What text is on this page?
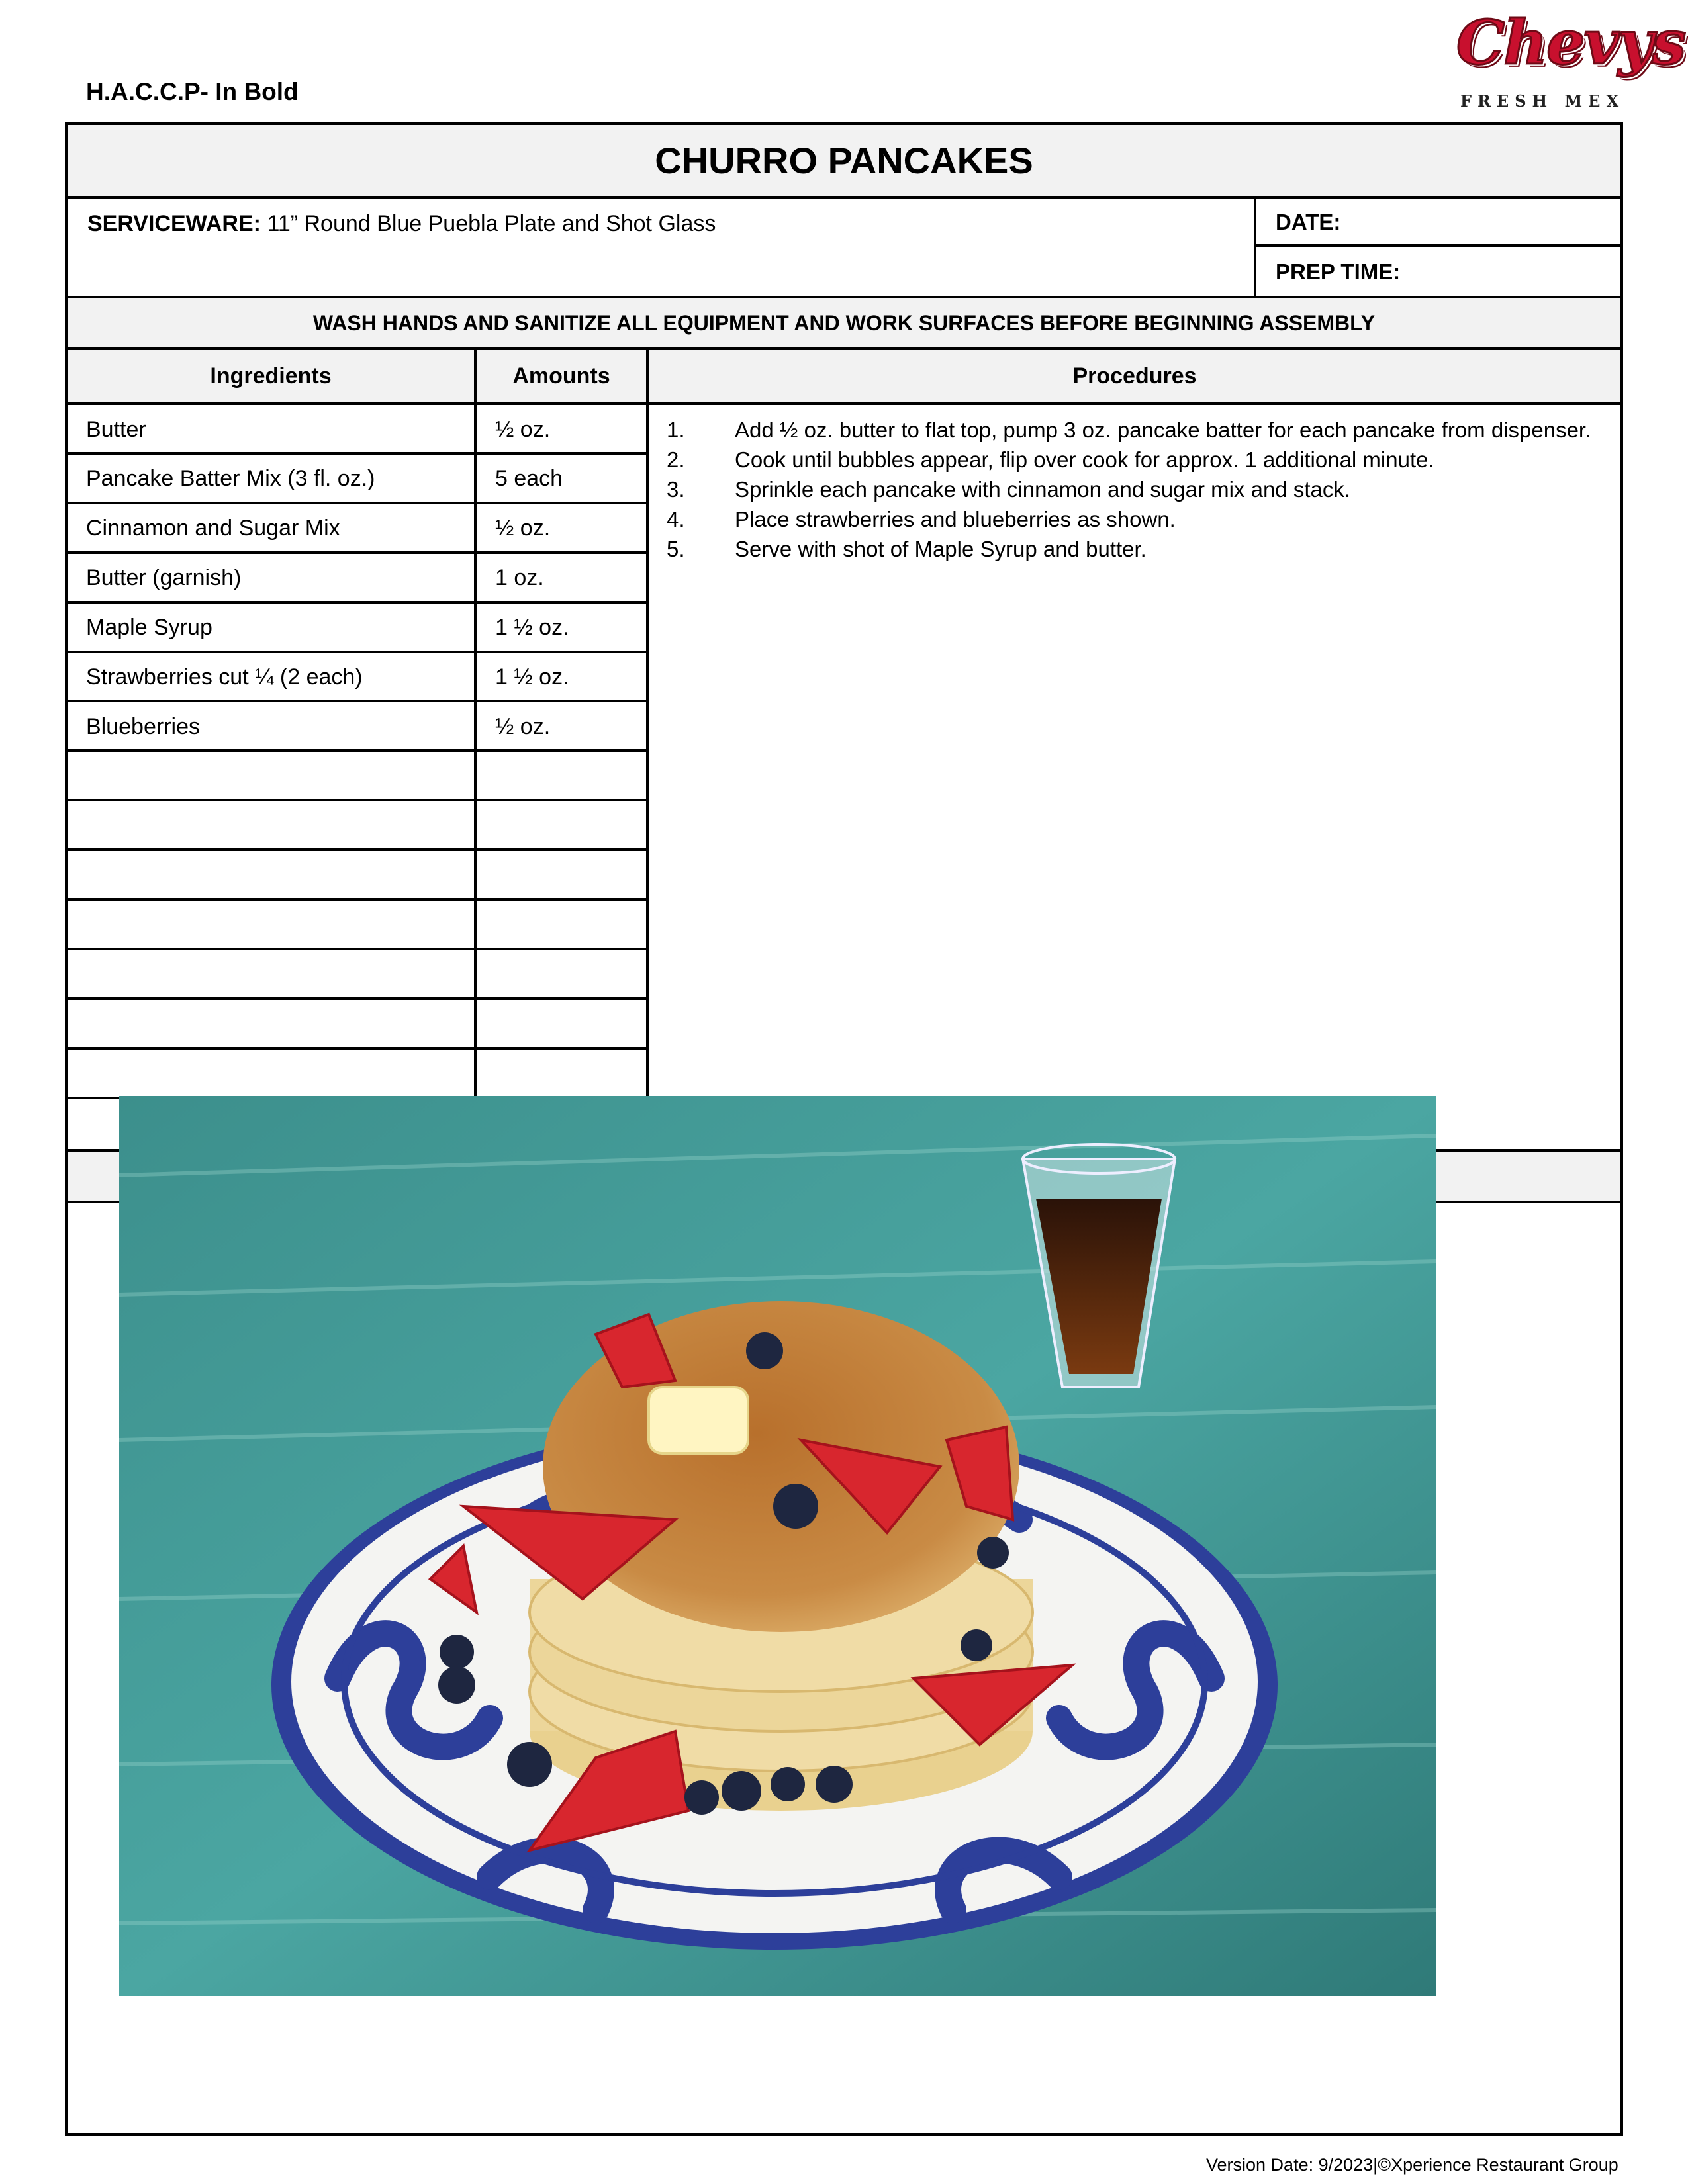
H.A.C.C.P- In Bold
Chevys
FRESH MEX
CHURRO PANCAKES
SERVICEWARE: 11” Round Blue Puebla Plate and Shot Glass	DATE:
PREP TIME:
WASH HANDS AND SANITIZE ALL EQUIPMENT AND WORK SURFACES BEFORE BEGINNING ASSEMBLY
Ingredients	Amounts	Procedures
Butter	½ oz.
Pancake Batter Mix (3 fl. oz.)	5 each
Cinnamon and Sugar Mix	½ oz.
Butter (garnish)	1 oz.
Maple Syrup	1 ½ oz.
Strawberries cut ¼ (2 each)	1 ½ oz.
Blueberries	½ oz.
1. Add ½ oz. butter to flat top, pump 3 oz. pancake batter for each pancake from dispenser.
2. Cook until bubbles appear, flip over cook for approx. 1 additional minute.
3. Sprinkle each pancake with cinnamon and sugar mix and stack.
4. Place strawberries and blueberries as shown.
5. Serve with shot of Maple Syrup and butter.
Version Date: 9/2023|©Xperience Restaurant Group
